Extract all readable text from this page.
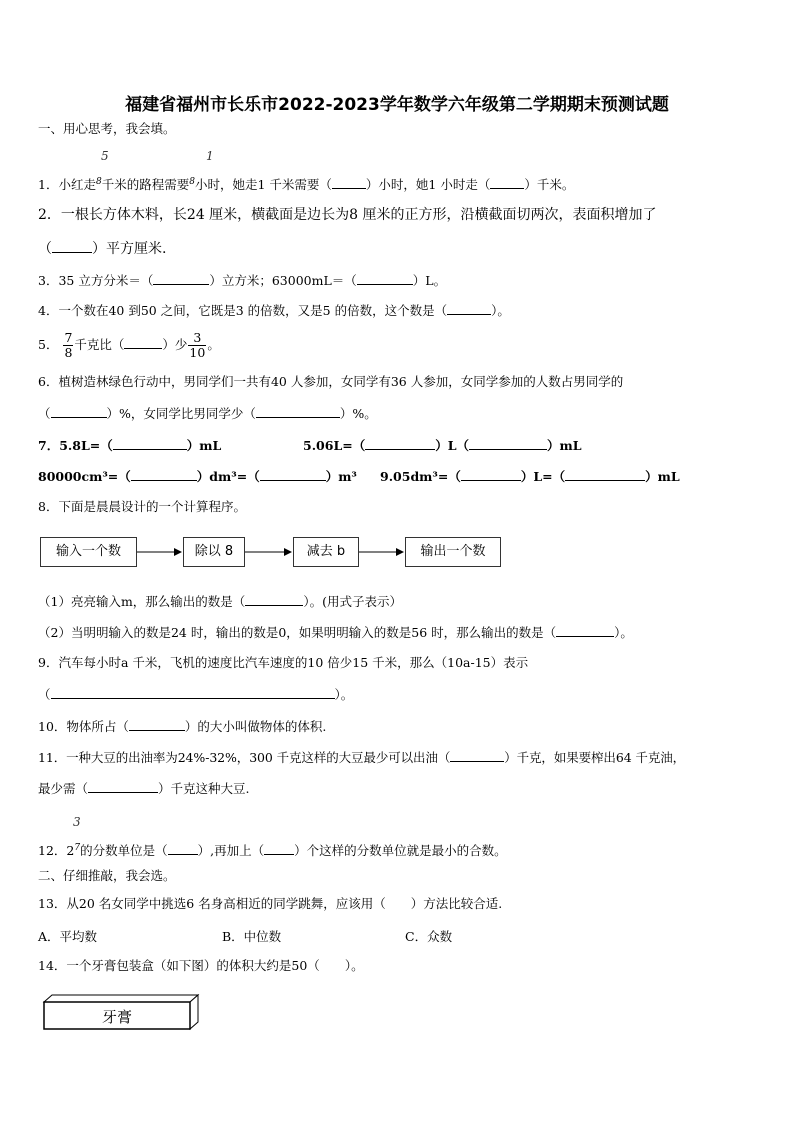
福建省福州市长乐市2022-2023学年数学六年级第二学期期末预测试题
一、用心思考，我会填。
5	1
1．小红走$^8$千米的路程需要$^8$小时，她走1 千米需要（	）小时，她1 小时走（	）千米。
2．一根长方体木料，长24 厘米，横截面是边长为8 厘米的正方形，沿横截面切两次，表面积增加了
（	）平方厘米.
3．35 立方分米＝（	）立方米；63000mL＝（	）L。
4．一个数在40 到50 之间，它既是3 的倍数，又是5 的倍数，这个数是（	）。
5． $\frac{7}{8}$ 千克比（	）少 $\frac{3}{10}$ 。
6．植树造林绿色行动中，男同学们一共有40 人参加，女同学有36 人参加，女同学参加的人数占男同学的
（	）%，女同学比男同学少（	）%。
7．5.8L=（	）mL	5.06L=（	）L（	）mL
80000cm³=（	）dm³=（	）m³ 9.05dm³=（	）L=（	）mL
8．下面是晨晨设计的一个计算程序。
输入一个数	除以 8	减去 b	输出一个数
（1）亮亮输入m，那么输出的数是（	）。(用式子表示）
（2）当明明输入的数是24 时，输出的数是0，如果明明输入的数是56 时，那么输出的数是（	）。
9．汽车每小时a 千米，飞机的速度比汽车速度的10 倍少15 千米，那么（10a-15）表示
（	）。
10．物体所占（	）的大小叫做物体的体积.
11．一种大豆的出油率为24%-32%，300 千克这样的大豆最少可以出油（	）千克，如果要榨出64 千克油，
最少需（	）千克这种大豆.
3
12．$2^7$的分数单位是（ ）,再加上（ ）个这样的分数单位就是最小的合数。
二、仔细推敲，我会选。
13．从20 名女同学中挑选6 名身高相近的同学跳舞，应该用（　　）方法比较合适.
A．平均数	B．中位数	C．众数
14．一个牙膏包装盒（如下图）的体积大约是50（　　）。
牙膏
